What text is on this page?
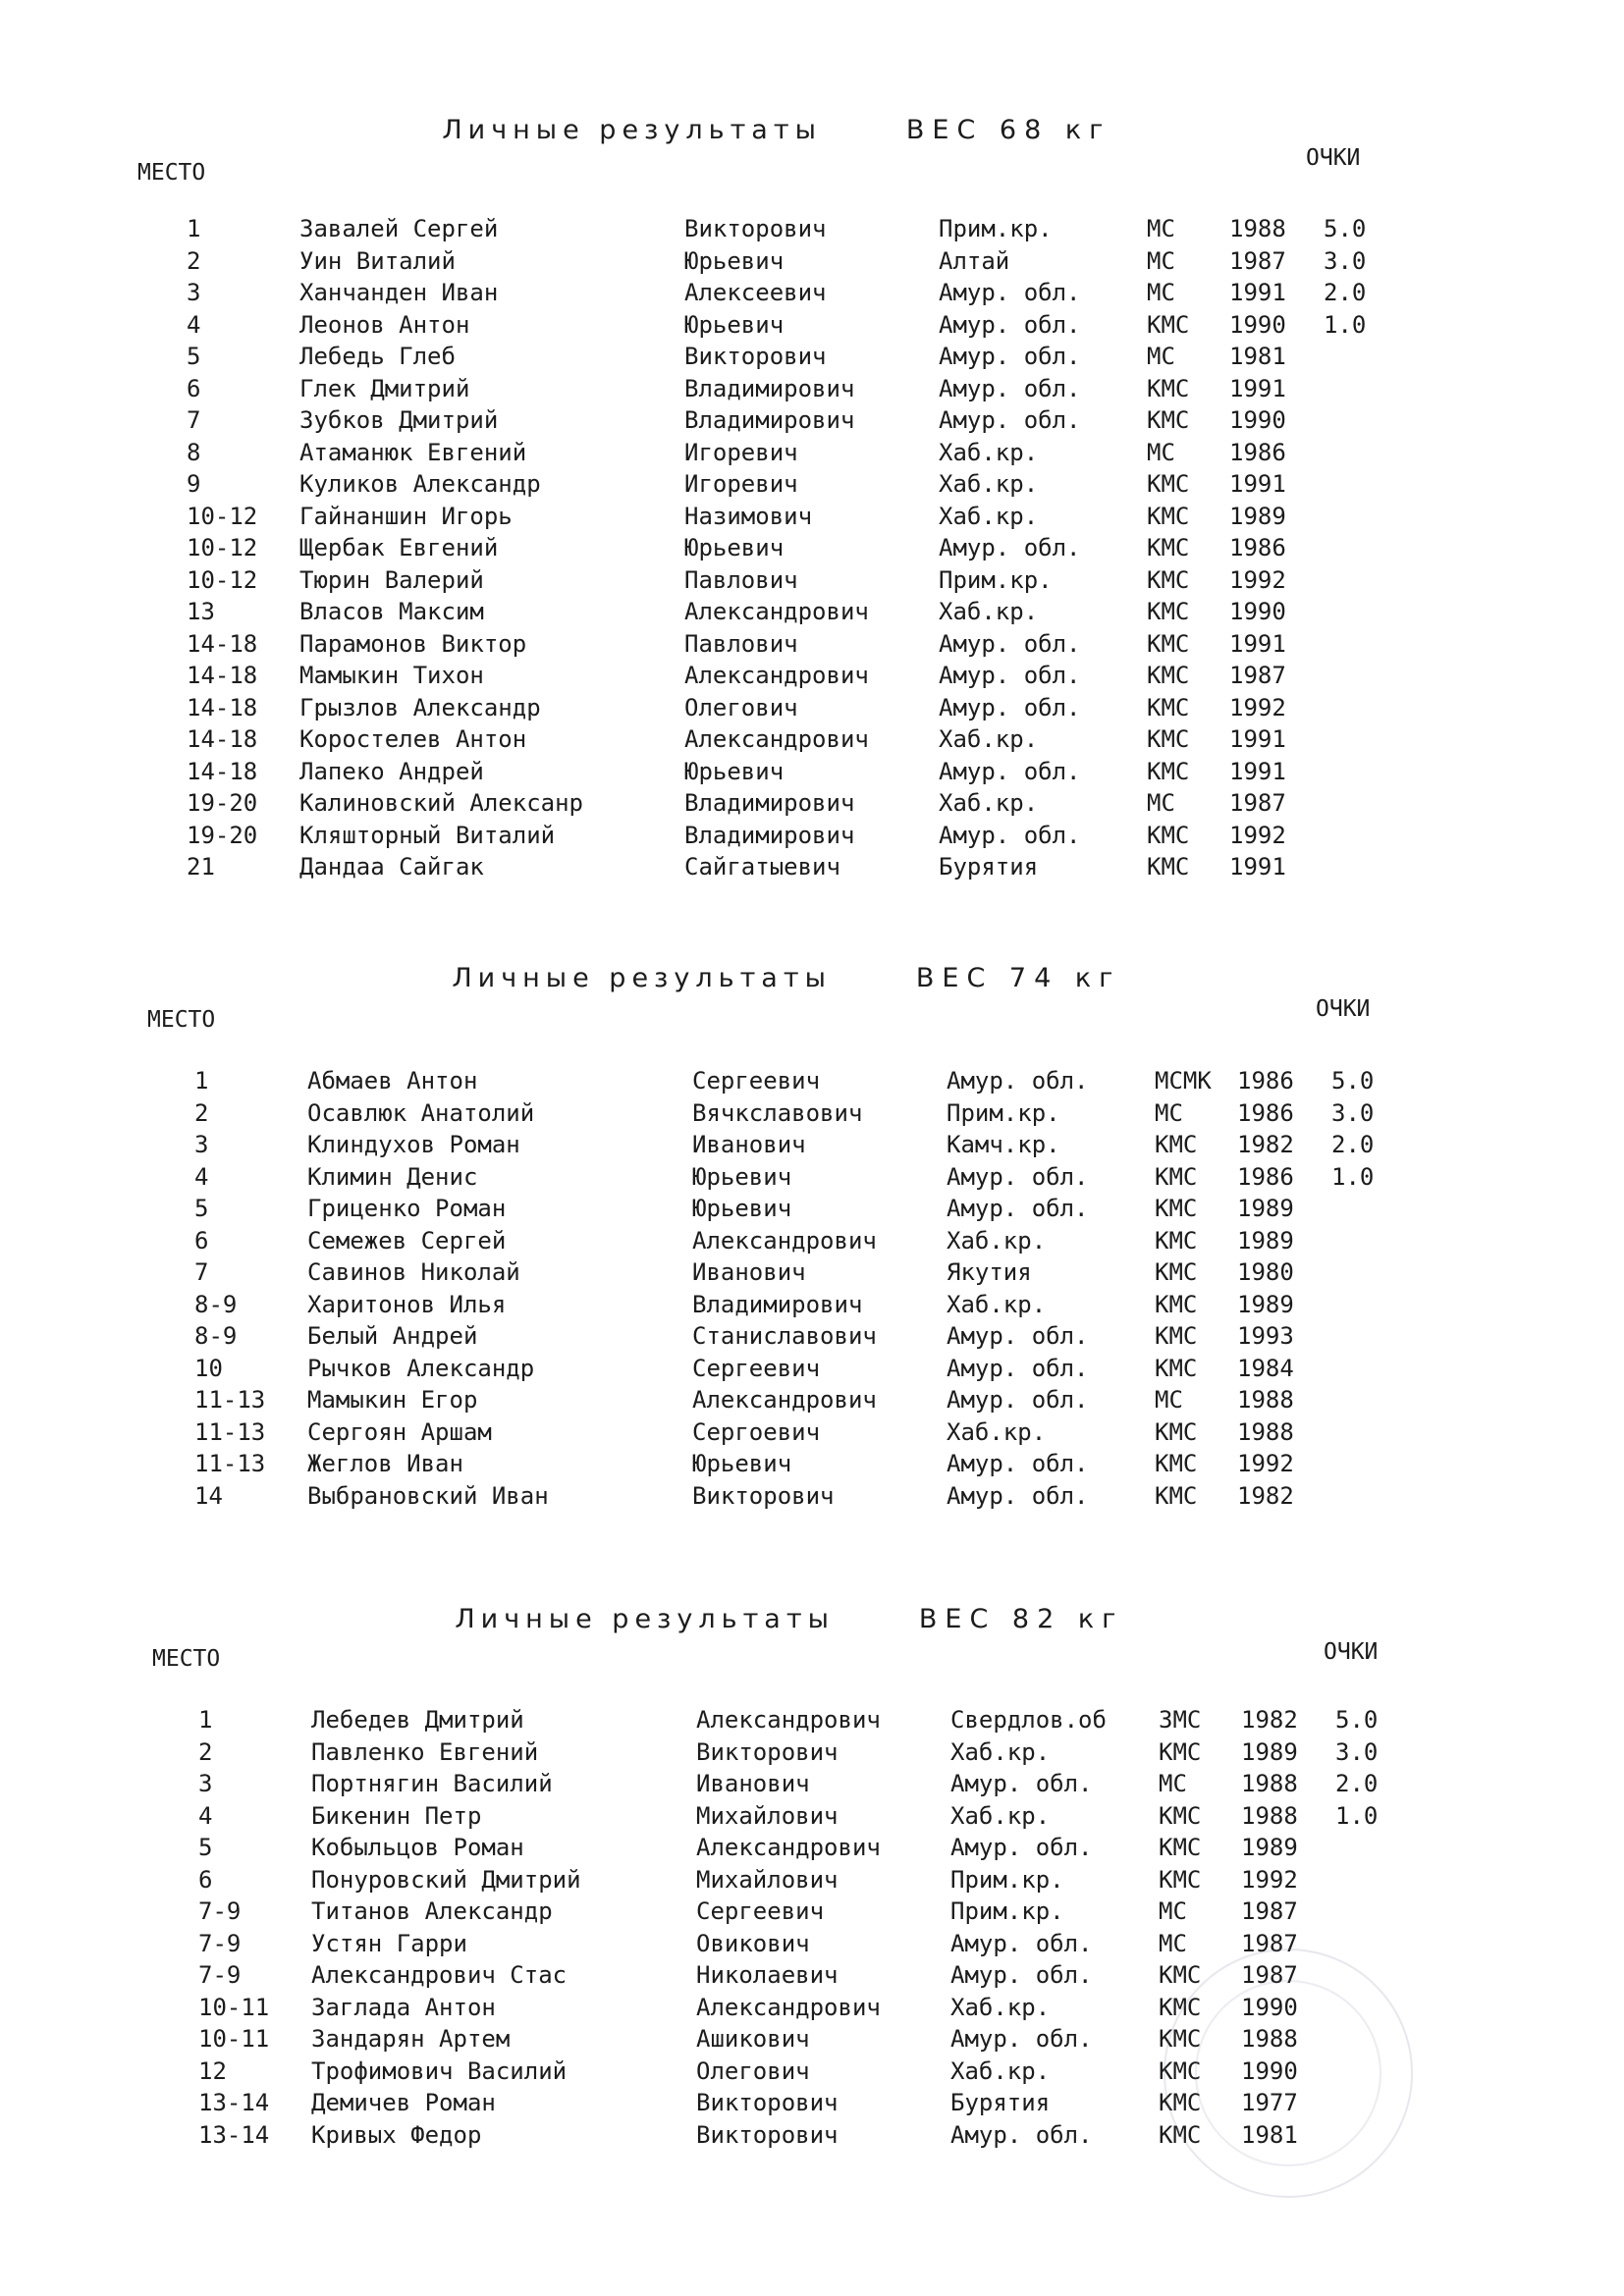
Личные результаты	ВЕС 68 кг

МЕСТО
ОЧКИ
1	Завалей Сергей	Викторович	Прим.кр.	МС 1988 5.0
2	Уин Виталий	Юрьевич	Алтай	МС 1987 3.0
3	Ханчанден Иван	Алексеевич	Амур. обл.	МС 1991 2.0
4	Леонов Антон	Юрьевич	Амур. обл.	КМС 1990 1.0
5	Лебедь Глеб	Викторович	Амур. обл.	МС 1981
6	Глек Дмитрий	Владимирович	Амур. обл.	КМС 1991
7	Зубков Дмитрий	Владимирович	Амур. обл.	КМС 1990
8	Атаманюк Евгений	Игоревич	Хаб.кр.	МС 1986
9	Куликов Александр	Игоревич	Хаб.кр.	КМС 1991
10-12 Гайнаншин Игорь	Назимович	Хаб.кр.	КМС 1989
10-12 Щербак Евгений	Юрьевич	Амур. обл.	КМС 1986
10-12 Тюрин Валерий	Павлович	Прим.кр.	КМС 1992
13	Власов Максим	Александрович	Хаб.кр.	КМС 1990
14-18 Парамонов Виктор	Павлович	Амур. обл.	КМС 1991
14-18 Мамыкин Тихон	Александрович	Амур. обл.	КМС 1987
14-18 Грызлов Александр	Олегович	Амур. обл.	КМС 1992
14-18 Коростелев Антон	Александрович	Хаб.кр.	КМС 1991
14-18 Лапеко Андрей	Юрьевич	Амур. обл.	КМС 1991
19-20 Калиновский Алексанр	Владимирович	Хаб.кр.	МС 1987
19-20 Кляшторный Виталий	Владимирович	Амур. обл.	КМС 1992
21	Дандаа Сайгак	Сайгатыевич	Бурятия	КМС 1991

Личные результаты	ВЕС 74 кг

МЕСТО	ОЧКИ
1	Абмаев Антон	Сергеевич	Амур. обл.	МСМК 1986 5.0
2	Осавлюк Анатолий	Вячкславович	Прим.кр.	МС 1986 3.0
3	Клиндухов Роман	Иванович	Камч.кр.	КМС 1982 2.0
4	Климин Денис	Юрьевич	Амур. обл.	КМС 1986 1.0
5	Гриценко Роман	Юрьевич	Амур. обл.	КМС 1989
6	Семежев Сергей	Александрович	Хаб.кр.	КМС 1989
7	Савинов Николай	Иванович	Якутия	КМС 1980
8-9	Харитонов Илья	Владимирович	Хаб.кр.	КМС 1989
8-9	Белый Андрей	Станиславович	Амур. обл.	КМС 1993
10	Рычков Александр	Сергеевич	Амур. обл.	КМС 1984
11-13 Мамыкин Егор	Александрович	Амур. обл.	МС 1988
11-13 Сергоян Аршам	Сергоевич	Хаб.кр.	КМС 1988
11-13 Жеглов Иван	Юрьевич	Амур. обл.	КМС 1992
14	Выбрановский Иван	Викторович	Амур. обл.	КМС 1982

Личные результаты	ВЕС 82 кг

МЕСТО	ОЧКИ
1	Лебедев Дмитрий	Александрович	Свердлов.об ЗМС 1982 5.0
2	Павленко Евгений	Викторович	Хаб.кр.	КМС 1989 3.0
3	Портнягин Василий	Иванович	Амур. обл.	МС 1988 2.0
4	Бикенин Петр	Михайлович	Хаб.кр.	КМС 1988 1.0
5	Кобыльцов Роман	Александрович	Амур. обл.	КМС 1989
6	Понуровский Дмитрий	Михайлович	Прим.кр.	КМС 1992
7-9	Титанов Александр	Сергеевич	Прим.кр.	МС 1987
7-9	Устян Гарри	Овикович	Амур. обл.	МС 1987
7-9	Александрович Стас	Николаевич	Амур. обл.	КМС 1987
10-11 Заглада Антон	Александрович	Хаб.кр.	КМС 1990
10-11 Зандарян Артем	Ашикович	Амур. обл.	КМС 1988
12	Трофимович Василий	Олегович	Хаб.кр.	КМС 1990
13-14 Демичев Роман	Викторович	Бурятия	КМС 1977
13-14 Кривых Федор	Викторович	Амур. обл.	КМС 1981
